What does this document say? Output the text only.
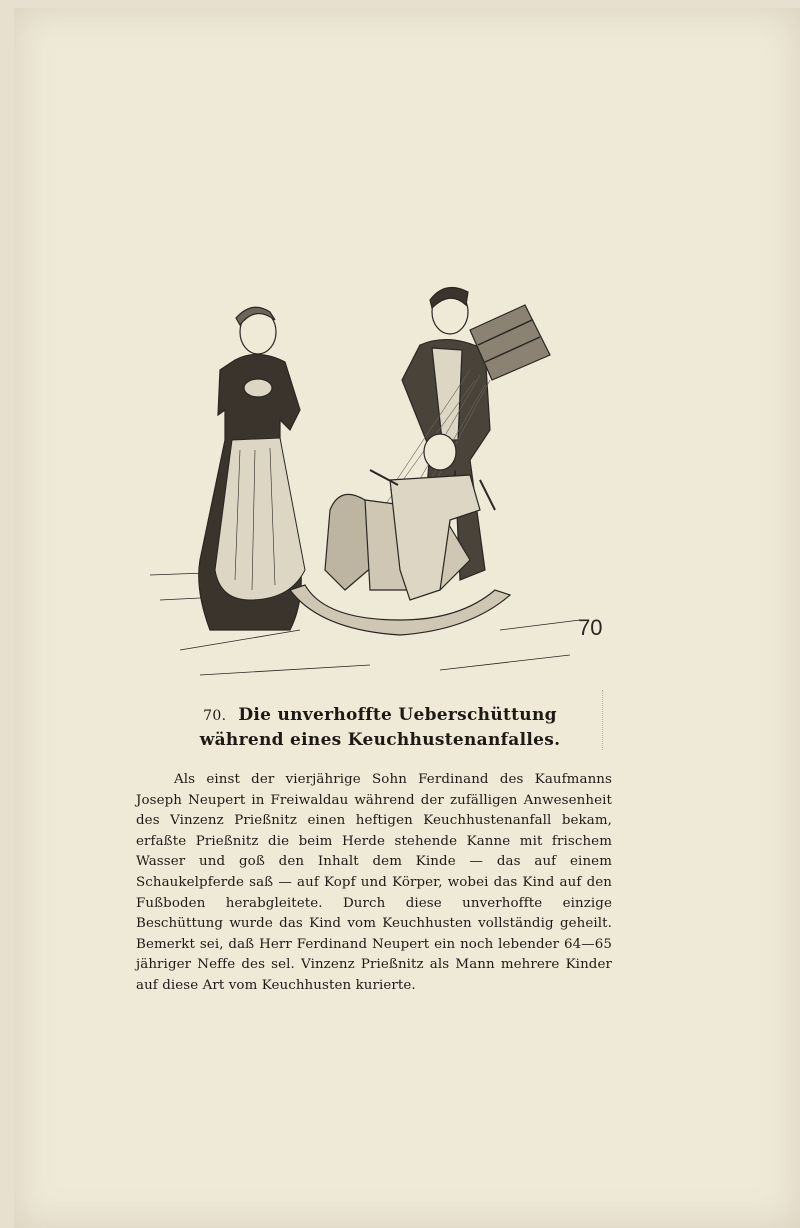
70
70. Die unverhoffte Ueberschüttung während eines Keuchhustenanfalles.
Als einst der vierjährige Sohn Ferdinand des Kaufmanns Joseph Neupert in Freiwaldau während der zufälligen Anwesenheit des Vinzenz Prießnitz einen heftigen Keuchhustenanfall bekam, erfaßte Prießnitz die beim Herde stehende Kanne mit frischem Wasser und goß den Inhalt dem Kinde — das auf einem Schaukelpferde saß — auf Kopf und Körper, wobei das Kind auf den Fußboden herabgleitete. Durch diese unverhoffte einzige Beschüttung wurde das Kind vom Keuchhusten vollständig geheilt. Bemerkt sei, daß Herr Ferdinand Neupert ein noch lebender 64—65 jähriger Neffe des sel. Vinzenz Prießnitz als Mann mehrere Kinder auf diese Art vom Keuchhusten kurierte.
